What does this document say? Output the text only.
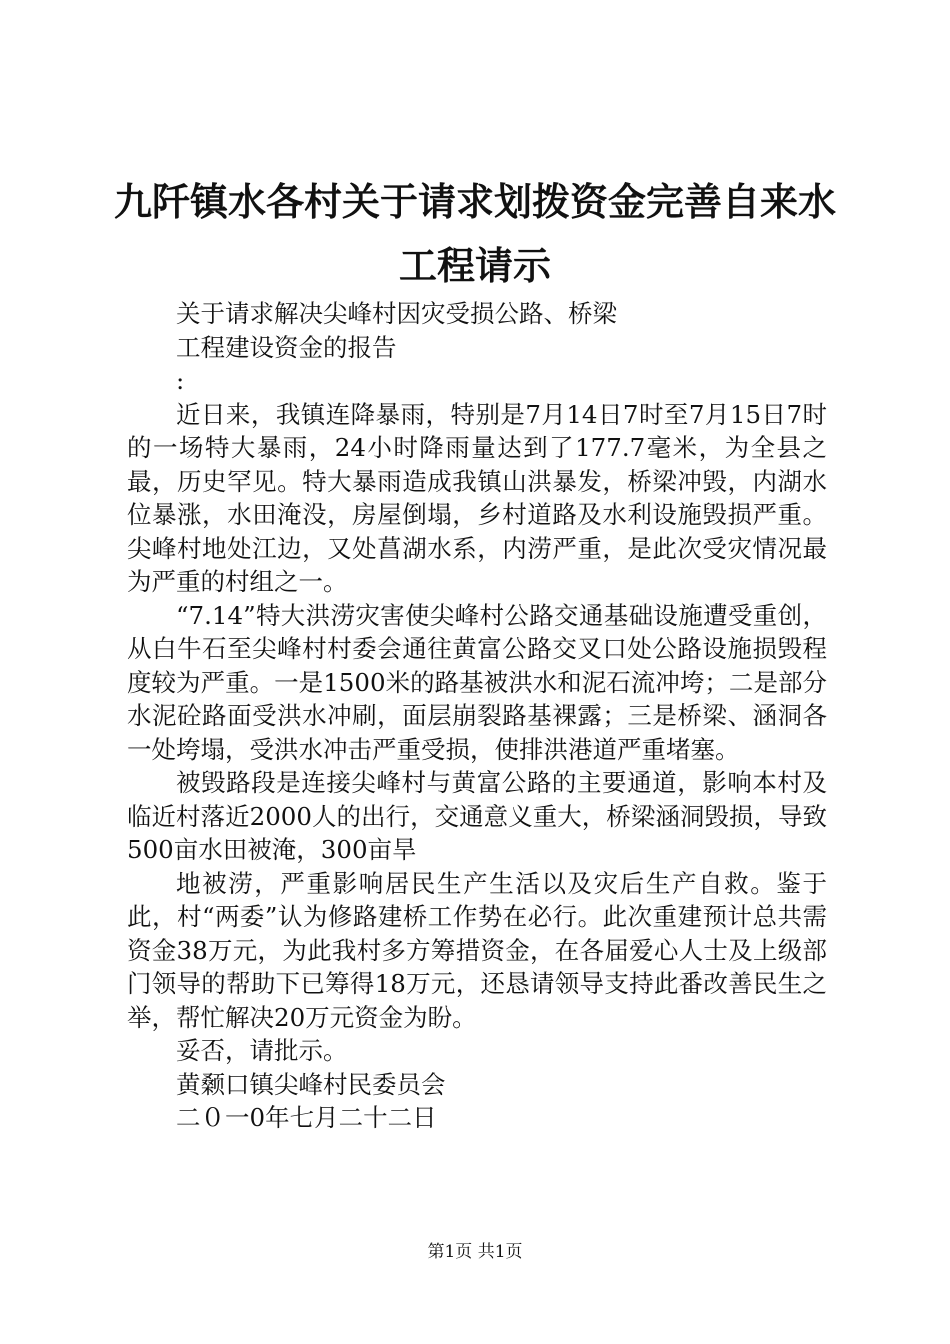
九阡镇水各村关于请求划拨资金完善自来水工程请示

关于请求解决尖峰村因灾受损公路、桥梁

工程建设资金的报告

:

近日来，我镇连降暴雨，特别是7月14日7时至7月15日7时的一场特大暴雨，24小时降雨量达到了177.7毫米，为全县之最，历史罕见。特大暴雨造成我镇山洪暴发，桥梁冲毁，内湖水位暴涨，水田淹没，房屋倒塌，乡村道路及水利设施毁损严重。尖峰村地处江边，又处菖湖水系，内涝严重，是此次受灾情况最为严重的村组之一。

“7.14”特大洪涝灾害使尖峰村公路交通基础设施遭受重创，从白牛石至尖峰村村委会通往黄富公路交叉口处公路设施损毁程度较为严重。一是1500米的路基被洪水和泥石流冲垮；二是部分水泥砼路面受洪水冲刷，面层崩裂路基裸露；三是桥梁、涵洞各一处垮塌，受洪水冲击严重受损，使排洪港道严重堵塞。

被毁路段是连接尖峰村与黄富公路的主要通道，影响本村及临近村落近2000人的出行，交通意义重大，桥梁涵洞毁损，导致500亩水田被淹，300亩旱

地被涝，严重影响居民生产生活以及灾后生产自救。鉴于此，村“两委”认为修路建桥工作势在必行。此次重建预计总共需资金38万元，为此我村多方筹措资金，在各届爱心人士及上级部门领导的帮助下已筹得18万元，还恳请领导支持此番改善民生之举，帮忙解决20万元资金为盼。

妥否，请批示。

黄颡口镇尖峰村民委员会

二０一0年七月二十二日

第1页 共1页
